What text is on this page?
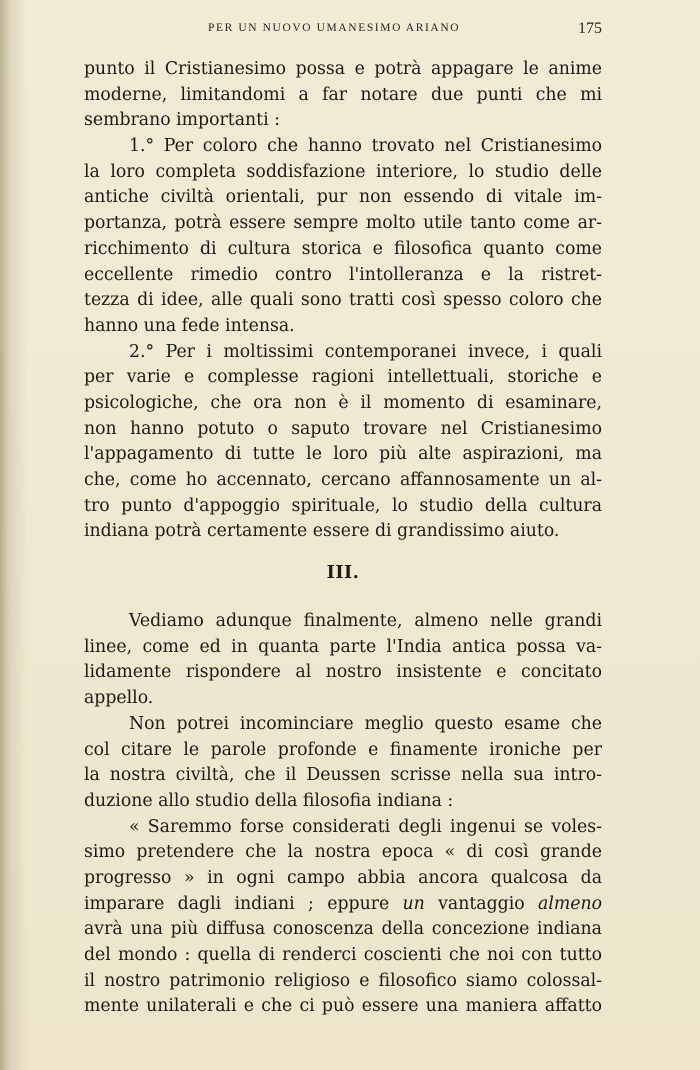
PER UN NUOVO UMANESIMO ARIANO	175
punto il Cristianesimo possa e potrà appagare le anime
moderne, limitandomi a far notare due punti che mi
sembrano importanti :
1.° Per coloro che hanno trovato nel Cristianesimo
la loro completa soddisfazione interiore, lo studio delle
antiche civiltà orientali, pur non essendo di vitale im-
portanza, potrà essere sempre molto utile tanto come ar-
ricchimento di cultura storica e filosofica quanto come
eccellente rimedio contro l'intolleranza e la ristret-
tezza di idee, alle quali sono tratti così spesso coloro che
hanno una fede intensa.
2.° Per i moltissimi contemporanei invece, i quali
per varie e complesse ragioni intellettuali, storiche e
psicologiche, che ora non è il momento di esaminare,
non hanno potuto o saputo trovare nel Cristianesimo
l'appagamento di tutte le loro più alte aspirazioni, ma
che, come ho accennato, cercano affannosamente un al-
tro punto d'appoggio spirituale, lo studio della cultura
indiana potrà certamente essere di grandissimo aiuto.
III.
Vediamo adunque finalmente, almeno nelle grandi
linee, come ed in quanta parte l'India antica possa va-
lidamente rispondere al nostro insistente e concitato
appello.
Non potrei incominciare meglio questo esame che
col citare le parole profonde e finamente ironiche per
la nostra civiltà, che il Deussen scrisse nella sua intro-
duzione allo studio della filosofia indiana :
« Saremmo forse considerati degli ingenui se voles-
simo pretendere che la nostra epoca « di così grande
progresso » in ogni campo abbia ancora qualcosa da
imparare dagli indiani ; eppure un vantaggio almeno
avrà una più diffusa conoscenza della concezione indiana
del mondo : quella di renderci coscienti che noi con tutto
il nostro patrimonio religioso e filosofico siamo colossal-
mente unilaterali e che ci può essere una maniera affatto
